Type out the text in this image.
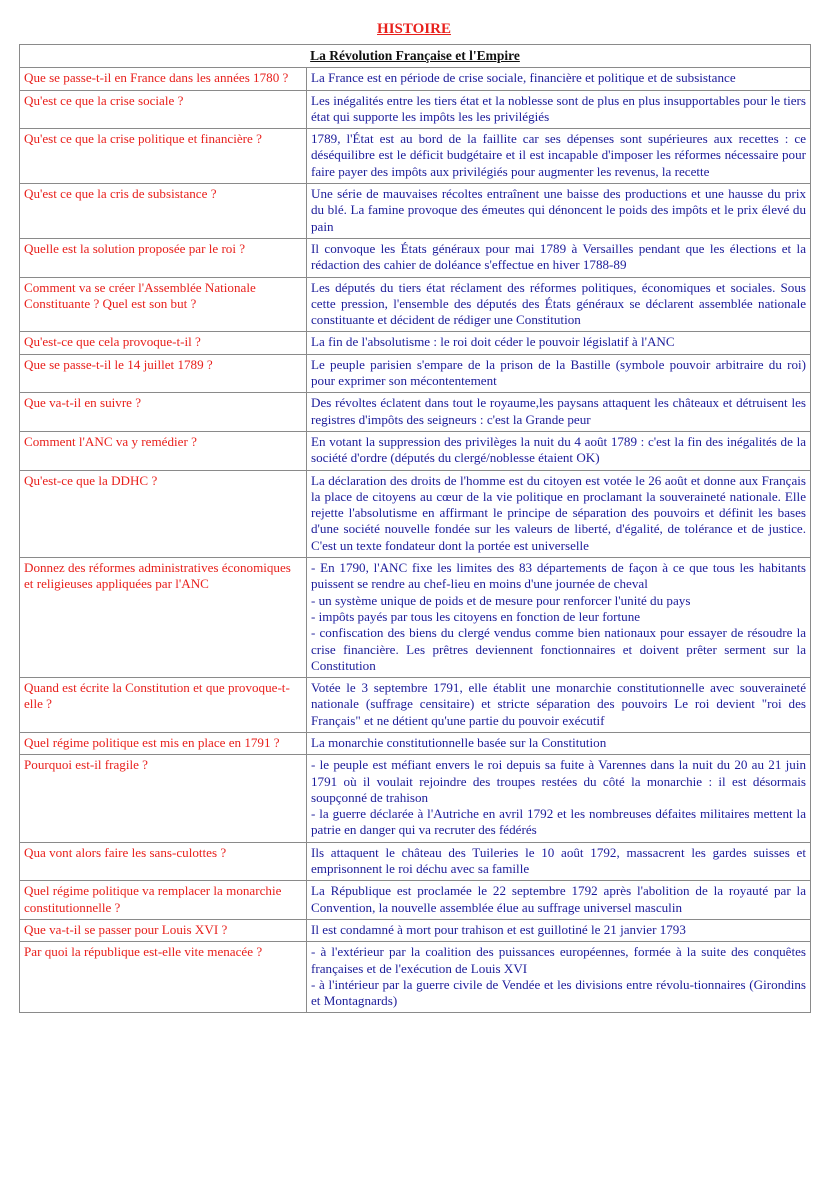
HISTOIRE
La Révolution Française et l'Empire	
Que se passe-t-il en France dans les années 1780 ?	La France est en période de crise sociale, financière et politique et de subsistance

Qu'est ce que la crise sociale ?	Les inégalités entre les tiers état et la noblesse sont de plus en plus insupportables pour le tiers état qui supporte les impôts les les privilégiés

Qu'est ce que la crise politique et financière ?	1789, l'État est au bord de la faillite car ses dépenses sont supérieures aux recettes : ce déséquilibre est le déficit budgétaire et il est incapable d'imposer les réformes nécessaire pour faire payer des impôts aux privilégiés pour augmenter les revenus, la recette

Qu'est ce que la cris de subsistance ?	Une série de mauvaises récoltes entraînent une baisse des productions et une hausse du prix du blé. La famine provoque des émeutes qui dénoncent le poids des impôts et le prix élevé du pain

Quelle est la solution proposée par le roi ?	Il convoque les États généraux pour mai 1789 à Versailles pendant que les élections et la rédaction des cahier de doléance s'effectue en hiver 1788-89

Comment va se créer l'Assemblée Nationale Constituante ? Quel est son but ?	Les députés du tiers état réclament des réformes politiques, économiques et sociales. Sous cette pression, l'ensemble des députés des États généraux se déclarent assemblée nationale constituante et décident de rédiger une Constitution

Qu'est-ce que cela provoque-t-il ?	La fin de l'absolutisme : le roi doit céder le pouvoir législatif à l'ANC

Que se passe-t-il le 14 juillet 1789 ?	Le peuple parisien s'empare de la prison de la Bastille (symbole pouvoir arbitraire du roi) pour exprimer son mécontentement

Que va-t-il en suivre ?	Des révoltes éclatent dans tout le royaume,les paysans attaquent les châteaux et détruisent les registres d'impôts des seigneurs : c'est la Grande peur

Comment l'ANC va y remédier ?	En votant la suppression des privilèges la nuit du 4 août 1789 : c'est la fin des inégalités de la société d'ordre (députés du clergé/noblesse étaient OK)

Qu'est-ce que la DDHC ?	La déclaration des droits de l'homme est du citoyen est votée le 26 août et donne aux Français la place de citoyens au cœur de la vie politique en proclamant la souveraineté nationale. Elle rejette l'absolutisme en affirmant le principe de séparation des pouvoirs et définit les bases d'une société nouvelle fondée sur les valeurs de liberté, d'égalité, de tolérance et de justice. C'est un texte fondateur dont la portée est universelle

Donnez des réformes administratives économiques et religieuses appliquées par l'ANC	- En 1790, l'ANC fixe les limites des 83 départements de façon à ce que tous les habitants puissent se rendre au chef-lieu en moins d'une journée de cheval
- un système unique de poids et de mesure pour renforcer l'unité du pays
- impôts payés par tous les citoyens en fonction de leur fortune
- confiscation des biens du clergé vendus comme bien nationaux pour essayer de résoudre la crise financière. Les prêtres deviennent fonctionnaires et doivent prêter serment sur la Constitution

Quand est écrite la Constitution et que provoque-t-elle ?	Votée le 3 septembre 1791, elle établit une monarchie constitutionnelle avec souveraineté nationale (suffrage censitaire) et stricte séparation des pouvoirs Le roi devient "roi des Français" et ne détient qu'une partie du pouvoir exécutif

Quel régime politique est mis en place en 1791 ?	La monarchie constitutionnelle basée sur la Constitution

Pourquoi est-il fragile ?	- le peuple est méfiant envers le roi depuis sa fuite à Varennes dans la nuit du 20 au 21 juin 1791 où il voulait rejoindre des troupes restées du côté la monarchie : il est désormais soupçonné de trahison
- la guerre déclarée à l'Autriche en avril 1792 et les nombreuses défaites militaires mettent la patrie en danger qui va recruter des fédérés

Qua vont alors faire les sans-culottes ?	Ils attaquent le château des Tuileries le 10 août 1792, massacrent les gardes suisses et emprisonnent le roi déchu avec sa famille

Quel régime politique va remplacer la monarchie constitutionnelle ?	La République est proclamée le 22 septembre 1792 après l'abolition de la royauté par la Convention, la nouvelle assemblée élue au suffrage universel masculin

Que va-t-il se passer pour Louis XVI ?	Il est condamné à mort pour trahison et est guillotiné le 21 janvier 1793

Par quoi la république est-elle vite menacée ?	- à l'extérieur par la coalition des puissances européennes, formée à la suite des conquêtes françaises et de l'exécution de Louis XVI
- à l'intérieur par la guerre civile de Vendée et les divisions entre révolu-tionnaires (Girondins et Montagnards)
